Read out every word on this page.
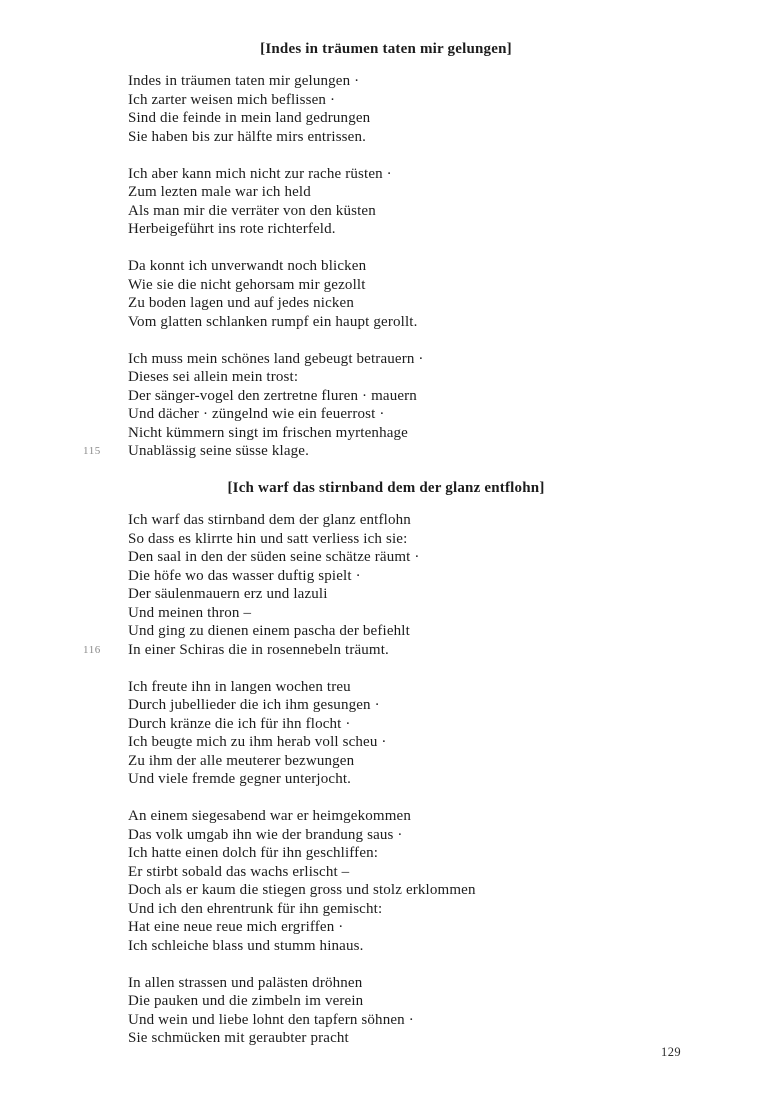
[Indes in träumen taten mir gelungen]
Indes in träumen taten mir gelungen ·
Ich zarter weisen mich beflissen ·
Sind die feinde in mein land gedrungen
Sie haben bis zur hälfte mirs entrissen.
Ich aber kann mich nicht zur rache rüsten ·
Zum lezten male war ich held
Als man mir die verräter von den küsten
Herbeigeführt ins rote richterfeld.
Da konnt ich unverwandt noch blicken
Wie sie die nicht gehorsam mir gezollt
Zu boden lagen und auf jedes nicken
Vom glatten schlanken rumpf ein haupt gerollt.
Ich muss mein schönes land gebeugt betrauern ·
Dieses sei allein mein trost:
Der sänger-vogel den zertretne fluren · mauern
Und dächer · züngelnd wie ein feuerrost ·
Nicht kümmern singt im frischen myrtenhage
115 Unablässig seine süsse klage.
[Ich warf das stirnband dem der glanz entflohn]
Ich warf das stirnband dem der glanz entflohn
So dass es klirrte hin und satt verliess ich sie:
Den saal in den der süden seine schätze räumt ·
Die höfe wo das wasser duftig spielt ·
Der säulenmauern erz und lazuli
Und meinen thron –
Und ging zu dienen einem pascha der befiehlt
116 In einer Schiras die in rosennebeln träumt.
Ich freute ihn in langen wochen treu
Durch jubellieder die ich ihm gesungen ·
Durch kränze die ich für ihn flocht ·
Ich beugte mich zu ihm herab voll scheu ·
Zu ihm der alle meuterer bezwungen
Und viele fremde gegner unterjocht.
An einem siegesabend war er heimgekommen
Das volk umgab ihn wie der brandung saus ·
Ich hatte einen dolch für ihn geschliffen:
Er stirbt sobald das wachs erlischt –
Doch als er kaum die stiegen gross und stolz erklommen
Und ich den ehrentrunk für ihn gemischt:
Hat eine neue reue mich ergriffen ·
Ich schleiche blass und stumm hinaus.
In allen strassen und palästen dröhnen
Die pauken und die zimbeln im verein
Und wein und liebe lohnt den tapfern söhnen ·
Sie schmücken mit geraubter pracht
129
